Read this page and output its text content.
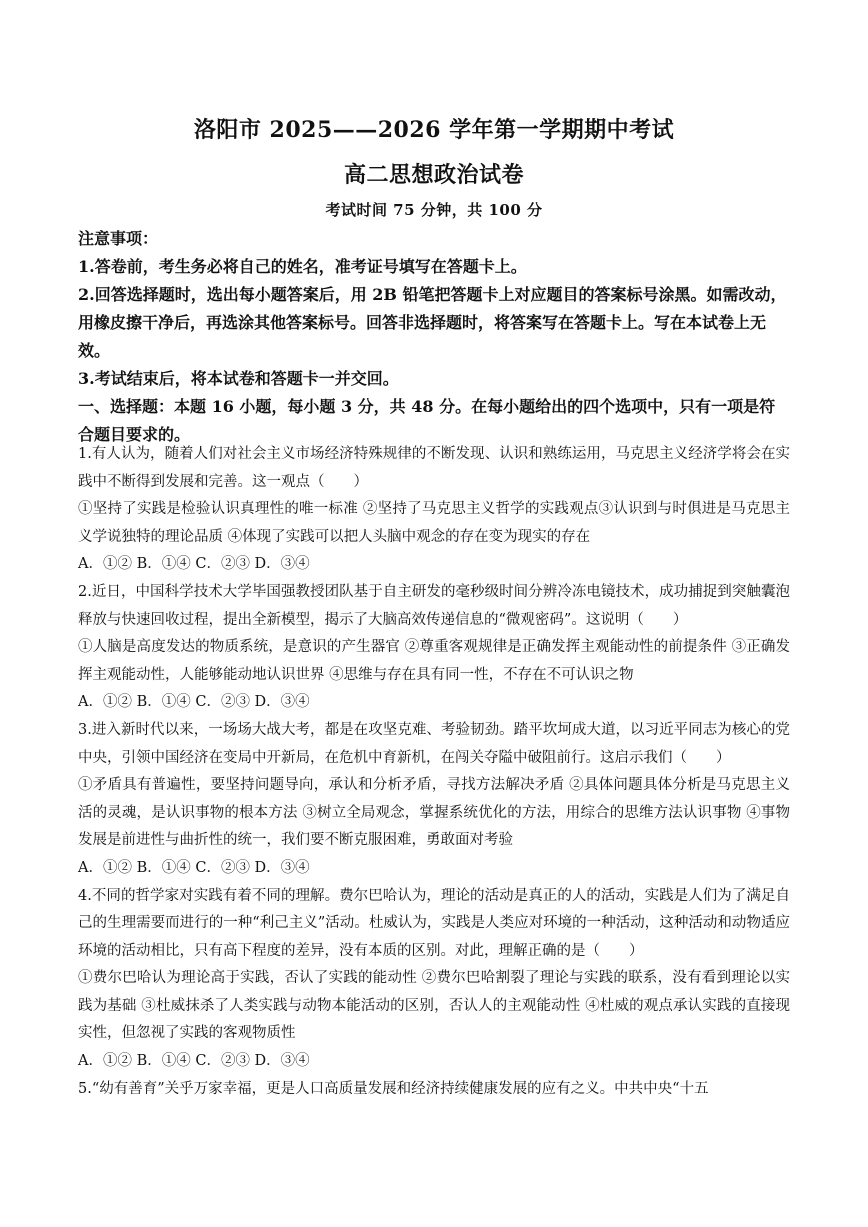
洛阳市 2025——2026 学年第一学期期中考试
高二思想政治试卷
考试时间 75 分钟，共 100 分

注意事项：

1.答卷前，考生务必将自己的姓名，准考证号填写在答题卡上。

2.回答选择题时，选出每小题答案后，用 2B 铅笔把答题卡上对应题目的答案标号涂黑。如需改动，用橡皮擦干净后，再选涂其他答案标号。回答非选择题时，将答案写在答题卡上。写在本试卷上无效。

3.考试结束后，将本试卷和答题卡一并交回。

一、选择题：本题 16 小题，每小题 3 分，共 48 分。在每小题给出的四个选项中，只有一项是符合题目要求的。

1.有人认为，随着人们对社会主义市场经济特殊规律的不断发现、认识和熟练运用，马克思主义经济学将会在实践中不断得到发展和完善。这一观点（　　）

①坚持了实践是检验认识真理性的唯一标准 ②坚持了马克思主义哲学的实践观点③认识到与时俱进是马克思主义学说独特的理论品质 ④体现了实践可以把人头脑中观念的存在变为现实的存在

A．①② B．①④ C．②③ D．③④

2.近日，中国科学技术大学毕国强教授团队基于自主研发的毫秒级时间分辨冷冻电镜技术，成功捕捉到突触囊泡释放与快速回收过程，提出全新模型，揭示了大脑高效传递信息的“微观密码”。这说明（　　）

①人脑是高度发达的物质系统，是意识的产生器官 ②尊重客观规律是正确发挥主观能动性的前提条件 ③正确发挥主观能动性，人能够能动地认识世界 ④思维与存在具有同一性，不存在不可认识之物

A．①② B．①④ C．②③ D．③④

3.进入新时代以来，一场场大战大考，都是在攻坚克难、考验韧劲。踏平坎坷成大道，以习近平同志为核心的党中央，引领中国经济在变局中开新局，在危机中育新机，在闯关夺隘中破阻前行。这启示我们（　　）

①矛盾具有普遍性，要坚持问题导向，承认和分析矛盾，寻找方法解决矛盾 ②具体问题具体分析是马克思主义活的灵魂，是认识事物的根本方法 ③树立全局观念，掌握系统优化的方法，用综合的思维方法认识事物 ④事物发展是前进性与曲折性的统一，我们要不断克服困难，勇敢面对考验

A．①② B．①④ C．②③ D．③④

4.不同的哲学家对实践有着不同的理解。费尔巴哈认为，理论的活动是真正的人的活动，实践是人们为了满足自己的生理需要而进行的一种“利己主义”活动。杜威认为，实践是人类应对环境的一种活动，这种活动和动物适应环境的活动相比，只有高下程度的差异，没有本质的区别。对此，理解正确的是（　　）

①费尔巴哈认为理论高于实践，否认了实践的能动性 ②费尔巴哈割裂了理论与实践的联系，没有看到理论以实践为基础 ③杜威抹杀了人类实践与动物本能活动的区别，否认人的主观能动性 ④杜威的观点承认实践的直接现实性，但忽视了实践的客观物质性

A．①② B．①④ C．②③ D．③④

5.“幼有善育”关乎万家幸福，更是人口高质量发展和经济持续健康发展的应有之义。中共中央“十五
